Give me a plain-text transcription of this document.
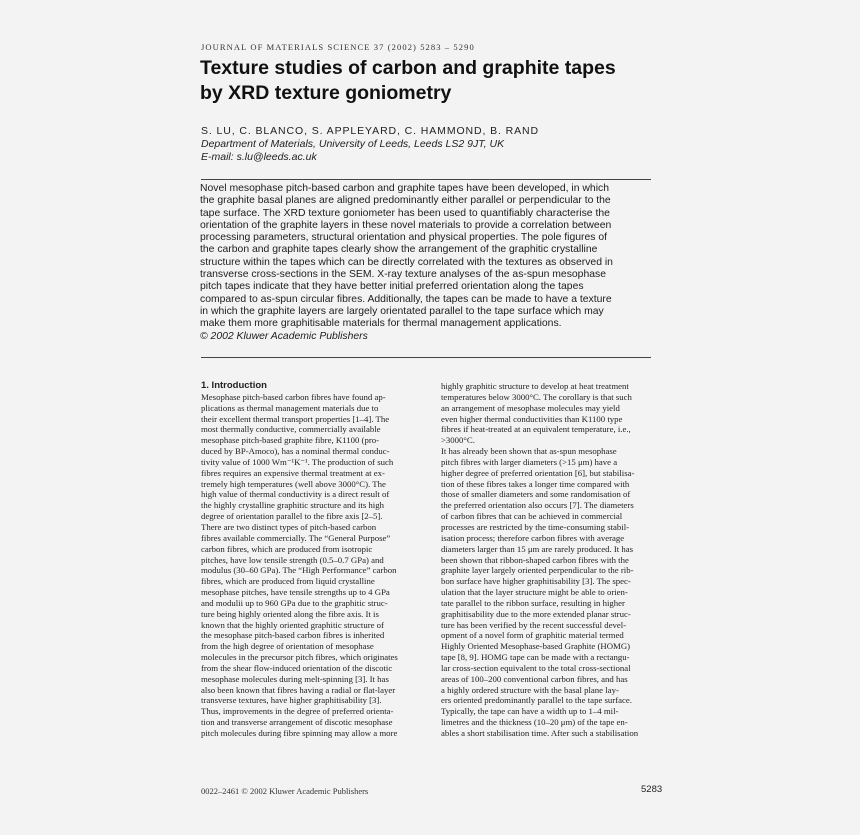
JOURNAL OF MATERIALS SCIENCE 37 (2002) 5283 – 5290
Texture studies of carbon and graphite tapes
by XRD texture goniometry
S. LU, C. BLANCO, S. APPLEYARD, C. HAMMOND, B. RAND
Department of Materials, University of Leeds, Leeds LS2 9JT, UK
E-mail: s.lu@leeds.ac.uk
Novel mesophase pitch-based carbon and graphite tapes have been developed, in which
the graphite basal planes are aligned predominantly either parallel or perpendicular to the
tape surface. The XRD texture goniometer has been used to quantifiably characterise the
orientation of the graphite layers in these novel materials to provide a correlation between
processing parameters, structural orientation and physical properties. The pole figures of
the carbon and graphite tapes clearly show the arrangement of the graphitic crystalline
structure within the tapes which can be directly correlated with the textures as observed in
transverse cross-sections in the SEM. X-ray texture analyses of the as-spun mesophase
pitch tapes indicate that they have better initial preferred orientation along the tapes
compared to as-spun circular fibres. Additionally, the tapes can be made to have a texture
in which the graphite layers are largely orientated parallel to the tape surface which may
make them more graphitisable materials for thermal management applications.
© 2002 Kluwer Academic Publishers
1. Introduction
Mesophase pitch-based carbon fibres have found ap-
plications as thermal management materials due to
their excellent thermal transport properties [1–4]. The
most thermally conductive, commercially available
mesophase pitch-based graphite fibre, K1100 (pro-
duced by BP-Amoco), has a nominal thermal conduc-
tivity value of 1000 Wm⁻¹K⁻¹. The production of such
fibres requires an expensive thermal treatment at ex-
tremely high temperatures (well above 3000°C). The
high value of thermal conductivity is a direct result of
the highly crystalline graphitic structure and its high
degree of orientation parallel to the fibre axis [2–5].
There are two distinct types of pitch-based carbon
fibres available commercially. The “General Purpose”
carbon fibres, which are produced from isotropic
pitches, have low tensile strength (0.5–0.7 GPa) and
modulus (30–60 GPa). The “High Performance” carbon
fibres, which are produced from liquid crystalline
mesophase pitches, have tensile strengths up to 4 GPa
and modulii up to 960 GPa due to the graphitic struc-
ture being highly oriented along the fibre axis. It is
known that the highly oriented graphitic structure of
the mesophase pitch-based carbon fibres is inherited
from the high degree of orientation of mesophase
molecules in the precursor pitch fibres, which originates
from the shear flow-induced orientation of the discotic
mesophase molecules during melt-spinning [3]. It has
also been known that fibres having a radial or flat-layer
transverse textures, have higher graphitisability [3].
Thus, improvements in the degree of preferred orienta-
tion and transverse arrangement of discotic mesophase
pitch molecules during fibre spinning may allow a more
highly graphitic structure to develop at heat treatment
temperatures below 3000°C. The corollary is that such
an arrangement of mesophase molecules may yield
even higher thermal conductivities than K1100 type
fibres if heat-treated at an equivalent temperature, i.e.,
>3000°C.
It has already been shown that as-spun mesophase
pitch fibres with larger diameters (>15 μm) have a
higher degree of preferred orientation [6], but stabilisa-
tion of these fibres takes a longer time compared with
those of smaller diameters and some randomisation of
the preferred orientation also occurs [7]. The diameters
of carbon fibres that can be achieved in commercial
processes are restricted by the time-consuming stabil-
isation process; therefore carbon fibres with average
diameters larger than 15 μm are rarely produced. It has
been shown that ribbon-shaped carbon fibres with the
graphite layer largely oriented perpendicular to the rib-
bon surface have higher graphitisability [3]. The spec-
ulation that the layer structure might be able to orien-
tate parallel to the ribbon surface, resulting in higher
graphitisability due to the more extended planar struc-
ture has been verified by the recent successful devel-
opment of a novel form of graphitic material termed
Highly Oriented Mesophase-based Graphite (HOMG)
tape [8, 9]. HOMG tape can be made with a rectangu-
lar cross-section equivalent to the total cross-sectional
areas of 100–200 conventional carbon fibres, and has
a highly ordered structure with the basal plane lay-
ers oriented predominantly parallel to the tape surface.
Typically, the tape can have a width up to 1–4 mil-
limetres and the thickness (10–20 μm) of the tape en-
ables a short stabilisation time. After such a stabilisation
0022–2461 © 2002 Kluwer Academic Publishers	5283
